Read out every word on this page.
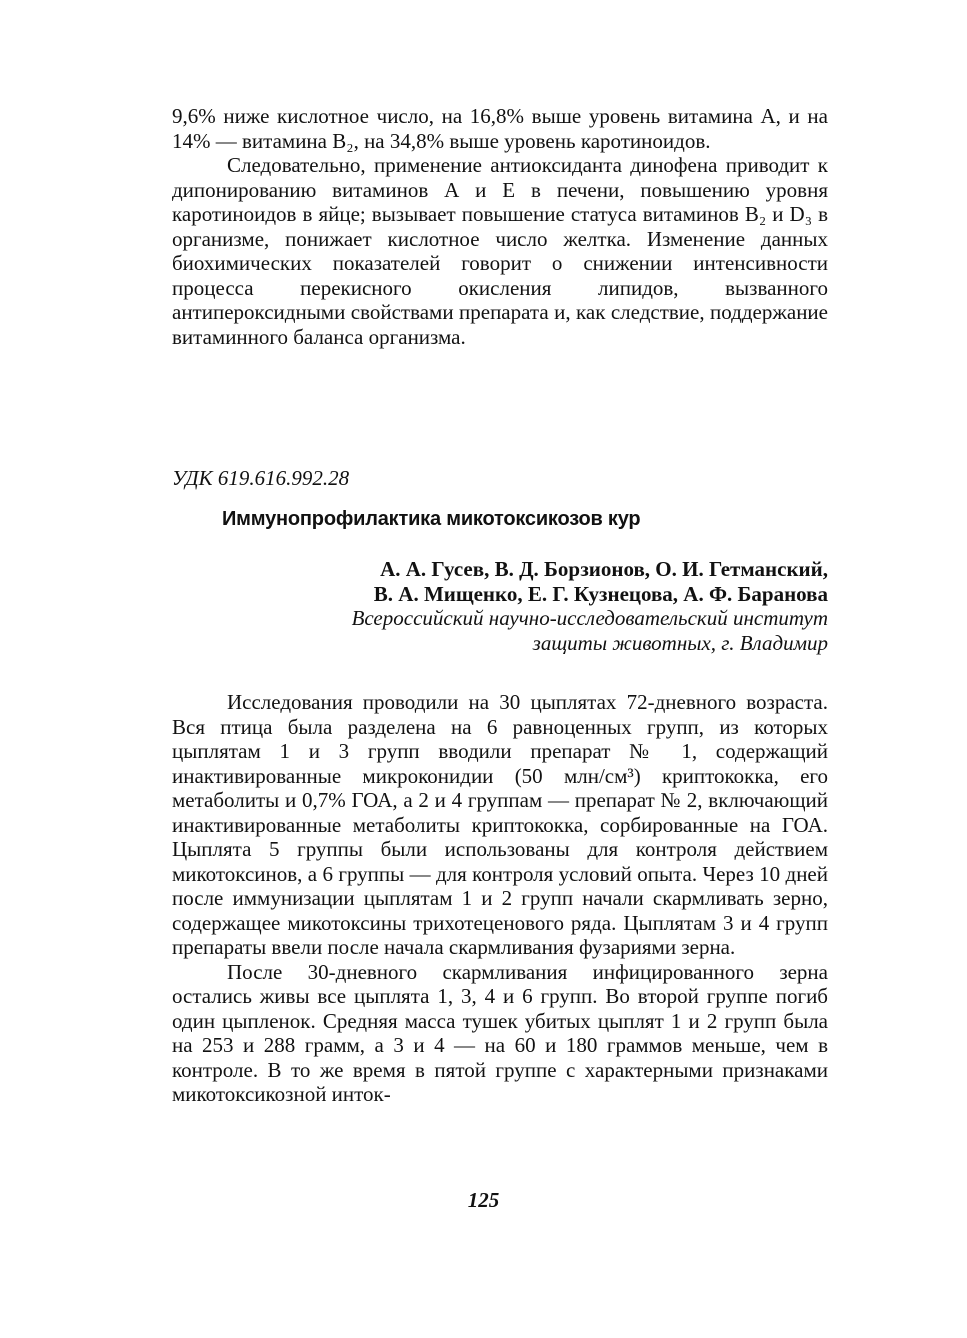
9,6% ниже кислотное число, на 16,8% выше уровень витамина А, и на 14% — витамина В₂, на 34,8% выше уровень каротиноидов.

Следовательно, применение антиоксиданта динофена приводит к дипонированию витаминов А и Е в печени, повышению уровня каротиноидов в яйце; вызывает повышение статуса витаминов В₂ и D₃ в организме, понижает кислотное число желтка. Изменение данных биохимических показателей говорит о снижении интенсивности процесса перекисного окисления липидов, вызванного антипероксидными свойствами препарата и, как следствие, поддержание витаминного баланса организма.

УДК 619.616.992.28

Иммунопрофилактика микотоксикозов кур

А. А. Гусев, В. Д. Борзионов, О. И. Гетманский,
В. А. Мищенко, Е. Г. Кузнецова, А. Ф. Баранова
Всероссийский научно-исследовательский институт
защиты животных, г. Владимир

Исследования проводили на 30 цыплятах 72-дневного возраста. Вся птица была разделена на 6 равноценных групп, из которых цыплятам 1 и 3 групп вводили препарат № 1, содержащий инактивированные микроконидии (50 млн/см³) криптококка, его метаболиты и 0,7% ГОА, а 2 и 4 группам — препарат № 2, включающий инактивированные метаболиты криптококка, сорбированные на ГОА. Цыплята 5 группы были использованы для контроля действием микотоксинов, а 6 группы — для контроля условий опыта. Через 10 дней после иммунизации цыплятам 1 и 2 групп начали скармливать зерно, содержащее микотоксины трихотеценового ряда. Цыплятам 3 и 4 групп препараты ввели после начала скармливания фузариями зерна.

После 30-дневного скармливания инфицированного зерна остались живы все цыплята 1, 3, 4 и 6 групп. Во второй группе погиб один цыпленок. Средняя масса тушек убитых цыплят 1 и 2 групп была на 253 и 288 грамм, а 3 и 4 — на 60 и 180 граммов меньше, чем в контроле. В то же время в пятой группе с характерными признаками микотоксикозной инток-

125
